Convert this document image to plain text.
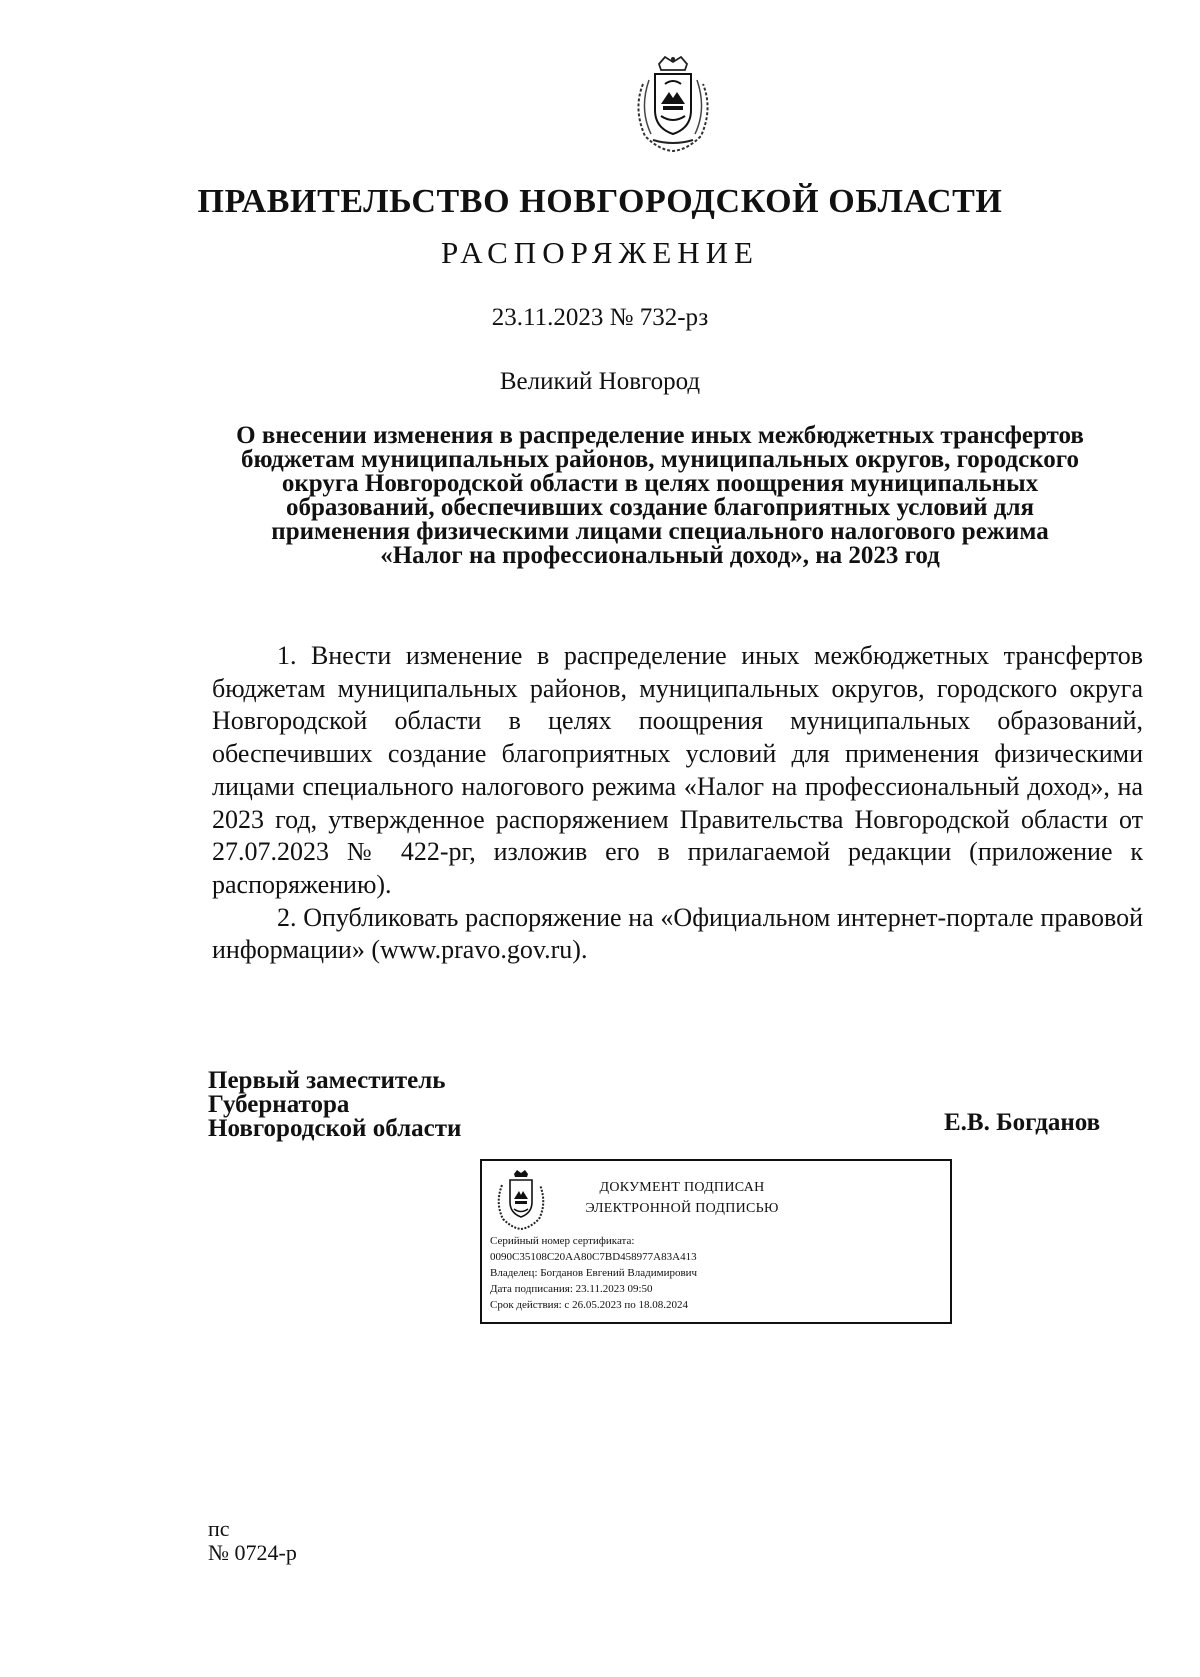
ПРАВИТЕЛЬСТВО НОВГОРОДСКОЙ ОБЛАСТИ
РАСПОРЯЖЕНИЕ
23.11.2023 № 732-рз
Великий Новгород
О внесении изменения в распределение иных межбюджетных трансфертов
бюджетам муниципальных районов, муниципальных округов, городского
округа Новгородской области в целях поощрения муниципальных
образований, обеспечивших создание благоприятных условий для
применения физическими лицами специального налогового режима
«Налог на профессиональный доход», на 2023 год

1. Внести изменение в распределение иных межбюджетных трансфертов бюджетам муниципальных районов, муниципальных округов, городского округа Новгородской области в целях поощрения муниципальных образований, обеспечивших создание благоприятных условий для применения физическими лицами специального налогового режима «Налог на профессиональный доход», на 2023 год, утвержденное распоряжением Правительства Новгородской области от 27.07.2023 № 422-рг, изложив его в прилагаемой редакции (приложение к распоряжению).

2. Опубликовать распоряжение на «Официальном интернет-портале правовой информации» (www.pravo.gov.ru).

Первый заместитель
Губернатора
Новгородской области	Е.В. Богданов
ДОКУМЕНТ ПОДПИСАН
ЭЛЕКТРОННОЙ ПОДПИСЬЮ
Серийный номер сертификата:
0090C35108C20AA80C7BD458977A83A413
Владелец: Богданов Евгений Владимирович
Дата подписания: 23.11.2023 09:50
Срок действия: с 26.05.2023 по 18.08.2024
пс
№ 0724-р
